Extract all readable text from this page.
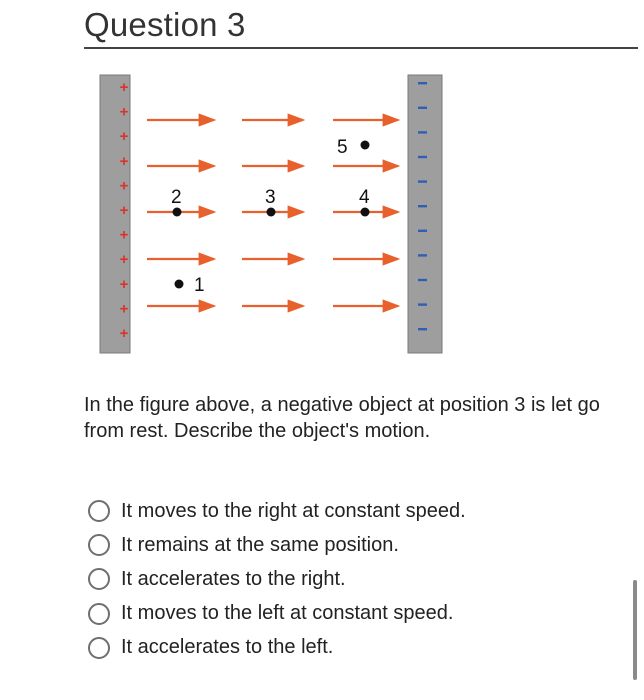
Question 3
+
+
+
+
+
+
+
+
+
+
+
5
2	3	4
1
In the figure above, a negative object at position 3 is let go from rest. Describe the object's motion.
It moves to the right at constant speed.
It remains at the same position.
It accelerates to the right.
It moves to the left at constant speed.
It accelerates to the left.
